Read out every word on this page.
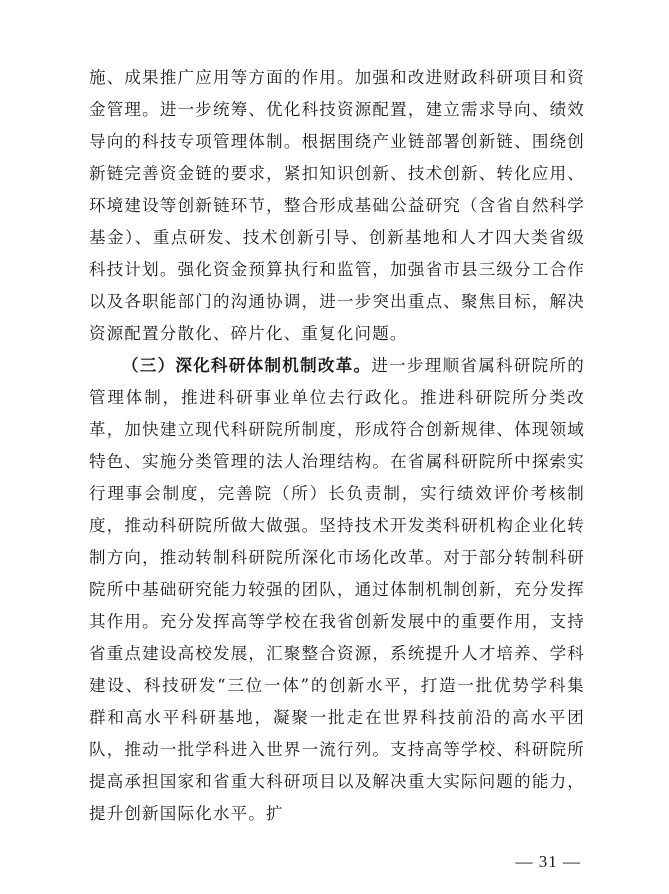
施、成果推广应用等方面的作用。加强和改进财政科研项目和资金管理。进一步统筹、优化科技资源配置，建立需求导向、绩效导向的科技专项管理体制。根据围绕产业链部署创新链、围绕创新链完善资金链的要求，紧扣知识创新、技术创新、转化应用、环境建设等创新链环节，整合形成基础公益研究（含省自然科学基金）、重点研发、技术创新引导、创新基地和人才四大类省级科技计划。强化资金预算执行和监管，加强省市县三级分工合作以及各职能部门的沟通协调，进一步突出重点、聚焦目标，解决资源配置分散化、碎片化、重复化问题。

（三）深化科研体制机制改革。进一步理顺省属科研院所的管理体制，推进科研事业单位去行政化。推进科研院所分类改革，加快建立现代科研院所制度，形成符合创新规律、体现领域特色、实施分类管理的法人治理结构。在省属科研院所中探索实行理事会制度，完善院（所）长负责制，实行绩效评价考核制度，推动科研院所做大做强。坚持技术开发类科研机构企业化转制方向，推动转制科研院所深化市场化改革。对于部分转制科研院所中基础研究能力较强的团队，通过体制机制创新，充分发挥其作用。充分发挥高等学校在我省创新发展中的重要作用，支持省重点建设高校发展，汇聚整合资源，系统提升人才培养、学科建设、科技研发“三位一体”的创新水平，打造一批优势学科集群和高水平科研基地，凝聚一批走在世界科技前沿的高水平团队，推动一批学科进入世界一流行列。支持高等学校、科研院所提高承担国家和省重大科研项目以及解决重大实际问题的能力，提升创新国际化水平。扩

— 31 —
